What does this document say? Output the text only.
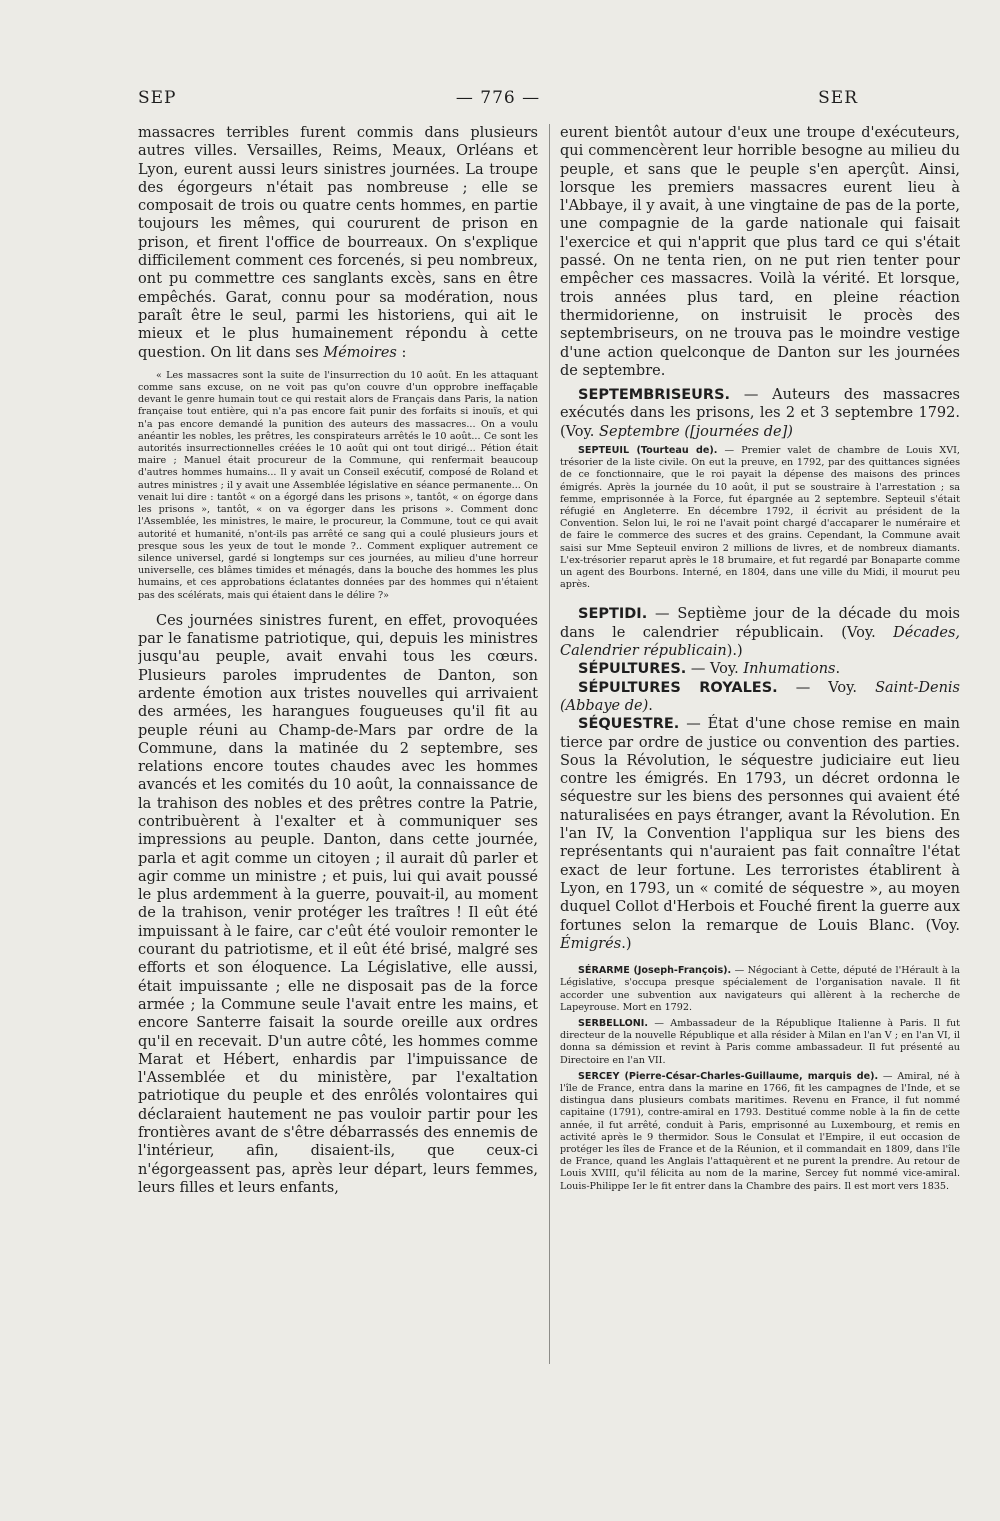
SEP	— 776 —	SER

massacres terribles furent commis dans plusieurs autres villes. Versailles, Reims, Meaux, Orléans et Lyon, eurent aussi leurs sinistres journées. La troupe des égorgeurs n'était pas nombreuse ; elle se composait de trois ou quatre cents hommes, en partie toujours les mêmes, qui coururent de prison en prison, et firent l'office de bourreaux. On s'explique difficilement comment ces forcenés, si peu nombreux, ont pu commettre ces sanglants excès, sans en être empêchés. Garat, connu pour sa modération, nous paraît être le seul, parmi les historiens, qui ait le mieux et le plus humainement répondu à cette question. On lit dans ses Mémoires :

« Les massacres sont la suite de l'insurrection du 10 août. En les attaquant comme sans excuse, on ne voit pas qu'on couvre d'un opprobre ineffaçable devant le genre humain tout ce qui restait alors de Français dans Paris, la nation française tout entière, qui n'a pas encore fait punir des forfaits si inouïs, et qui n'a pas encore demandé la punition des auteurs des massacres... On a voulu anéantir les nobles, les prêtres, les conspirateurs arrêtés le 10 août... Ce sont les autorités insurrectionnelles créées le 10 août qui ont tout dirigé... Pétion était maire ; Manuel était procureur de la Commune, qui renfermait beaucoup d'autres hommes humains... Il y avait un Conseil exécutif, composé de Roland et autres ministres ; il y avait une Assemblée législative en séance permanente... On venait lui dire : tantôt « on a égorgé dans les prisons », tantôt, « on égorge dans les prisons », tantôt, « on va égorger dans les prisons ». Comment donc l'Assemblée, les ministres, le maire, le procureur, la Commune, tout ce qui avait autorité et humanité, n'ont-ils pas arrêté ce sang qui a coulé plusieurs jours et presque sous les yeux de tout le monde ?.. Comment expliquer autrement ce silence universel, gardé si longtemps sur ces journées, au milieu d'une horreur universelle, ces blâmes timides et ménagés, dans la bouche des hommes les plus humains, et ces approbations éclatantes données par des hommes qui n'étaient pas des scélérats, mais qui étaient dans le délire ?»

Ces journées sinistres furent, en effet, provoquées par le fanatisme patriotique, qui, depuis les ministres jusqu'au peuple, avait envahi tous les cœurs. Plusieurs paroles imprudentes de Danton, son ardente émotion aux tristes nouvelles qui arrivaient des armées, les harangues fougueuses qu'il fit au peuple réuni au Champ-de-Mars par ordre de la Commune, dans la matinée du 2 septembre, ses relations encore toutes chaudes avec les hommes avancés et les comités du 10 août, la connaissance de la trahison des nobles et des prêtres contre la Patrie, contribuèrent à l'exalter et à communiquer ses impressions au peuple. Danton, dans cette journée, parla et agit comme un citoyen ; il aurait dû parler et agir comme un ministre ; et puis, lui qui avait poussé le plus ardemment à la guerre, pouvait-il, au moment de la trahison, venir protéger les traîtres ! Il eût été impuissant à le faire, car c'eût été vouloir remonter le courant du patriotisme, et il eût été brisé, malgré ses efforts et son éloquence. La Législative, elle aussi, était impuissante ; elle ne disposait pas de la force armée ; la Commune seule l'avait entre les mains, et encore Santerre faisait la sourde oreille aux ordres qu'il en recevait. D'un autre côté, les hommes comme Marat et Hébert, enhardis par l'impuissance de l'Assemblée et du ministère, par l'exaltation patriotique du peuple et des enrôlés volontaires qui déclaraient hautement ne pas vouloir partir pour les frontières avant de s'être débarrassés des ennemis de l'intérieur, afin, disaient-ils, que ceux-ci n'égorgeassent pas, après leur départ, leurs femmes, leurs filles et leurs enfants,

eurent bientôt autour d'eux une troupe d'exécuteurs, qui commencèrent leur horrible besogne au milieu du peuple, et sans que le peuple s'en aperçût. Ainsi, lorsque les premiers massacres eurent lieu à l'Abbaye, il y avait, à une vingtaine de pas de la porte, une compagnie de la garde nationale qui faisait l'exercice et qui n'apprit que plus tard ce qui s'était passé. On ne tenta rien, on ne put rien tenter pour empêcher ces massacres. Voilà la vérité. Et lorsque, trois années plus tard, en pleine réaction thermidorienne, on instruisit le procès des septembriseurs, on ne trouva pas le moindre vestige d'une action quelconque de Danton sur les journées de septembre.

SEPTEMBRISEURS. — Auteurs des massacres exécutés dans les prisons, les 2 et 3 septembre 1792. (Voy. Septembre ([journées de])

SEPTEUIL (Tourteau de). — Premier valet de chambre de Louis XVI, trésorier de la liste civile. On eut la preuve, en 1792, par des quittances signées de ce fonctionnaire, que le roi payait la dépense des maisons des princes émigrés. Après la journée du 10 août, il put se soustraire à l'arrestation ; sa femme, emprisonnée à la Force, fut épargnée au 2 septembre. Septeuil s'était réfugié en Angleterre. En décembre 1792, il écrivit au président de la Convention. Selon lui, le roi ne l'avait point chargé d'accaparer le numéraire et de faire le commerce des sucres et des grains. Cependant, la Commune avait saisi sur Mme Septeuil environ 2 millions de livres, et de nombreux diamants. L'ex-trésorier reparut après le 18 brumaire, et fut regardé par Bonaparte comme un agent des Bourbons. Interné, en 1804, dans une ville du Midi, il mourut peu après.

SEPTIDI. — Septième jour de la décade du mois dans le calendrier républicain. (Voy. Décades, Calendrier républicain).)

SÉPULTURES. — Voy. Inhumations.

SÉPULTURES ROYALES. — Voy. Saint-Denis (Abbaye de).

SÉQUESTRE. — État d'une chose remise en main tierce par ordre de justice ou convention des parties. Sous la Révolution, le séquestre judiciaire eut lieu contre les émigrés. En 1793, un décret ordonna le séquestre sur les biens des personnes qui avaient été naturalisées en pays étranger, avant la Révolution. En l'an IV, la Convention l'appliqua sur les biens des représentants qui n'auraient pas fait connaître l'état exact de leur fortune. Les terroristes établirent à Lyon, en 1793, un « comité de séquestre », au moyen duquel Collot d'Herbois et Fouché firent la guerre aux fortunes selon la remarque de Louis Blanc. (Voy. Émigrés.)

SÉRARME (Joseph-François). — Négociant à Cette, député de l'Hérault à la Législative, s'occupa presque spécialement de l'organisation navale. Il fit accorder une subvention aux navigateurs qui allèrent à la recherche de Lapeyrouse. Mort en 1792.

SERBELLONI. — Ambassadeur de la République Italienne à Paris. Il fut directeur de la nouvelle République et alla résider à Milan en l'an V ; en l'an VI, il donna sa démission et revint à Paris comme ambassadeur. Il fut présenté au Directoire en l'an VII.

SERCEY (Pierre-César-Charles-Guillaume, marquis de). — Amiral, né à l'île de France, entra dans la marine en 1766, fit les campagnes de l'Inde, et se distingua dans plusieurs combats maritimes. Revenu en France, il fut nommé capitaine (1791), contre-amiral en 1793. Destitué comme noble à la fin de cette année, il fut arrêté, conduit à Paris, emprisonné au Luxembourg, et remis en activité après le 9 thermidor. Sous le Consulat et l'Empire, il eut occasion de protéger les îles de France et de la Réunion, et il commandait en 1809, dans l'île de France, quand les Anglais l'attaquèrent et ne purent la prendre. Au retour de Louis XVIII, qu'il félicita au nom de la marine, Sercey fut nommé vice-amiral. Louis-Philippe Ier le fit entrer dans la Chambre des pairs. Il est mort vers 1835.
